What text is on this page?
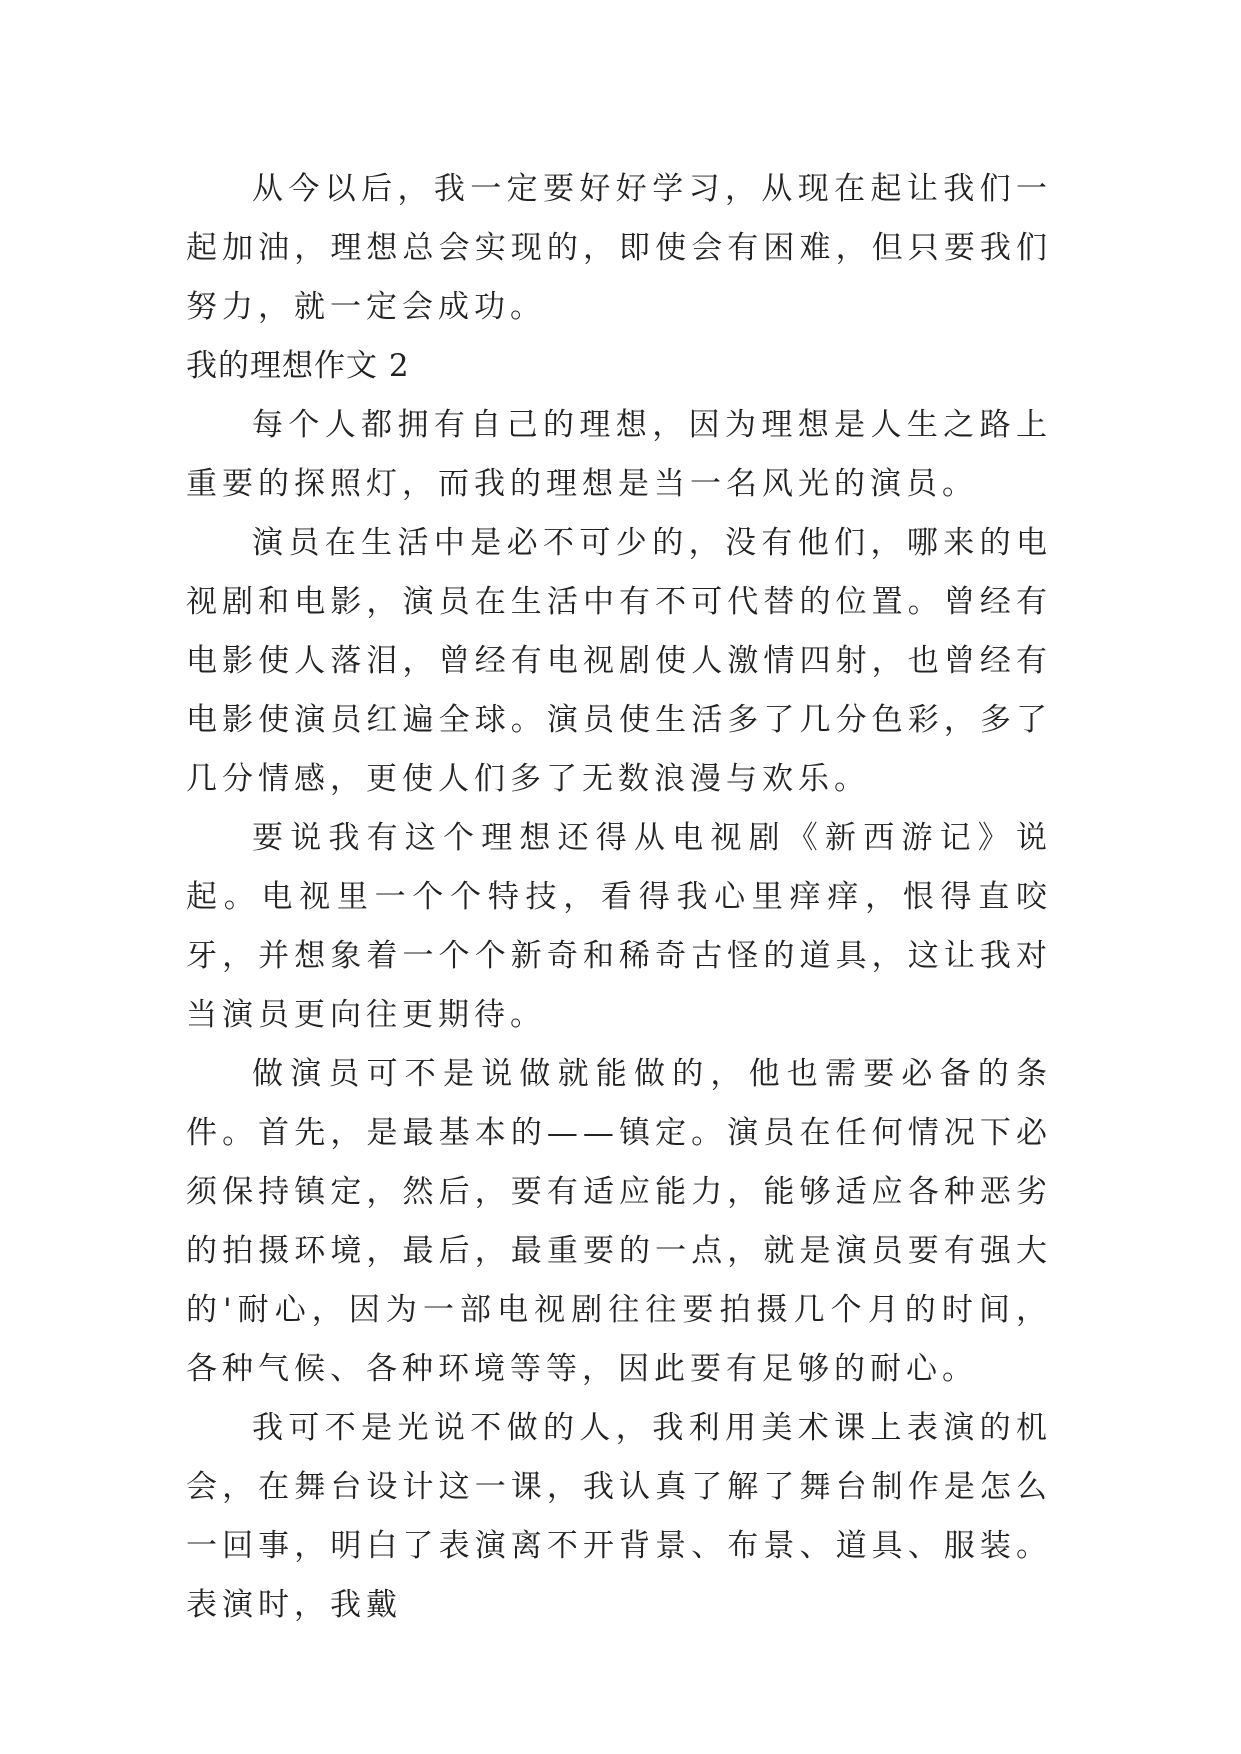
从今以后，我一定要好好学习，从现在起让我们一起加油，理想总会实现的，即使会有困难，但只要我们努力，就一定会成功。

我的理想作文 2

每个人都拥有自己的理想，因为理想是人生之路上重要的探照灯，而我的理想是当一名风光的演员。

演员在生活中是必不可少的，没有他们，哪来的电视剧和电影，演员在生活中有不可代替的位置。曾经有电影使人落泪，曾经有电视剧使人激情四射，也曾经有电影使演员红遍全球。演员使生活多了几分色彩，多了几分情感，更使人们多了无数浪漫与欢乐。

要说我有这个理想还得从电视剧《新西游记》说起。电视里一个个特技，看得我心里痒痒，恨得直咬牙，并想象着一个个新奇和稀奇古怪的道具，这让我对当演员更向往更期待。

做演员可不是说做就能做的，他也需要必备的条件。首先，是最基本的——镇定。演员在任何情况下必须保持镇定，然后，要有适应能力，能够适应各种恶劣的拍摄环境，最后，最重要的一点，就是演员要有强大的'耐心，因为一部电视剧往往要拍摄几个月的时间，各种气候、各种环境等等，因此要有足够的耐心。

我可不是光说不做的人，我利用美术课上表演的机会，在舞台设计这一课，我认真了解了舞台制作是怎么一回事，明白了表演离不开背景、布景、道具、服装。表演时，我戴
